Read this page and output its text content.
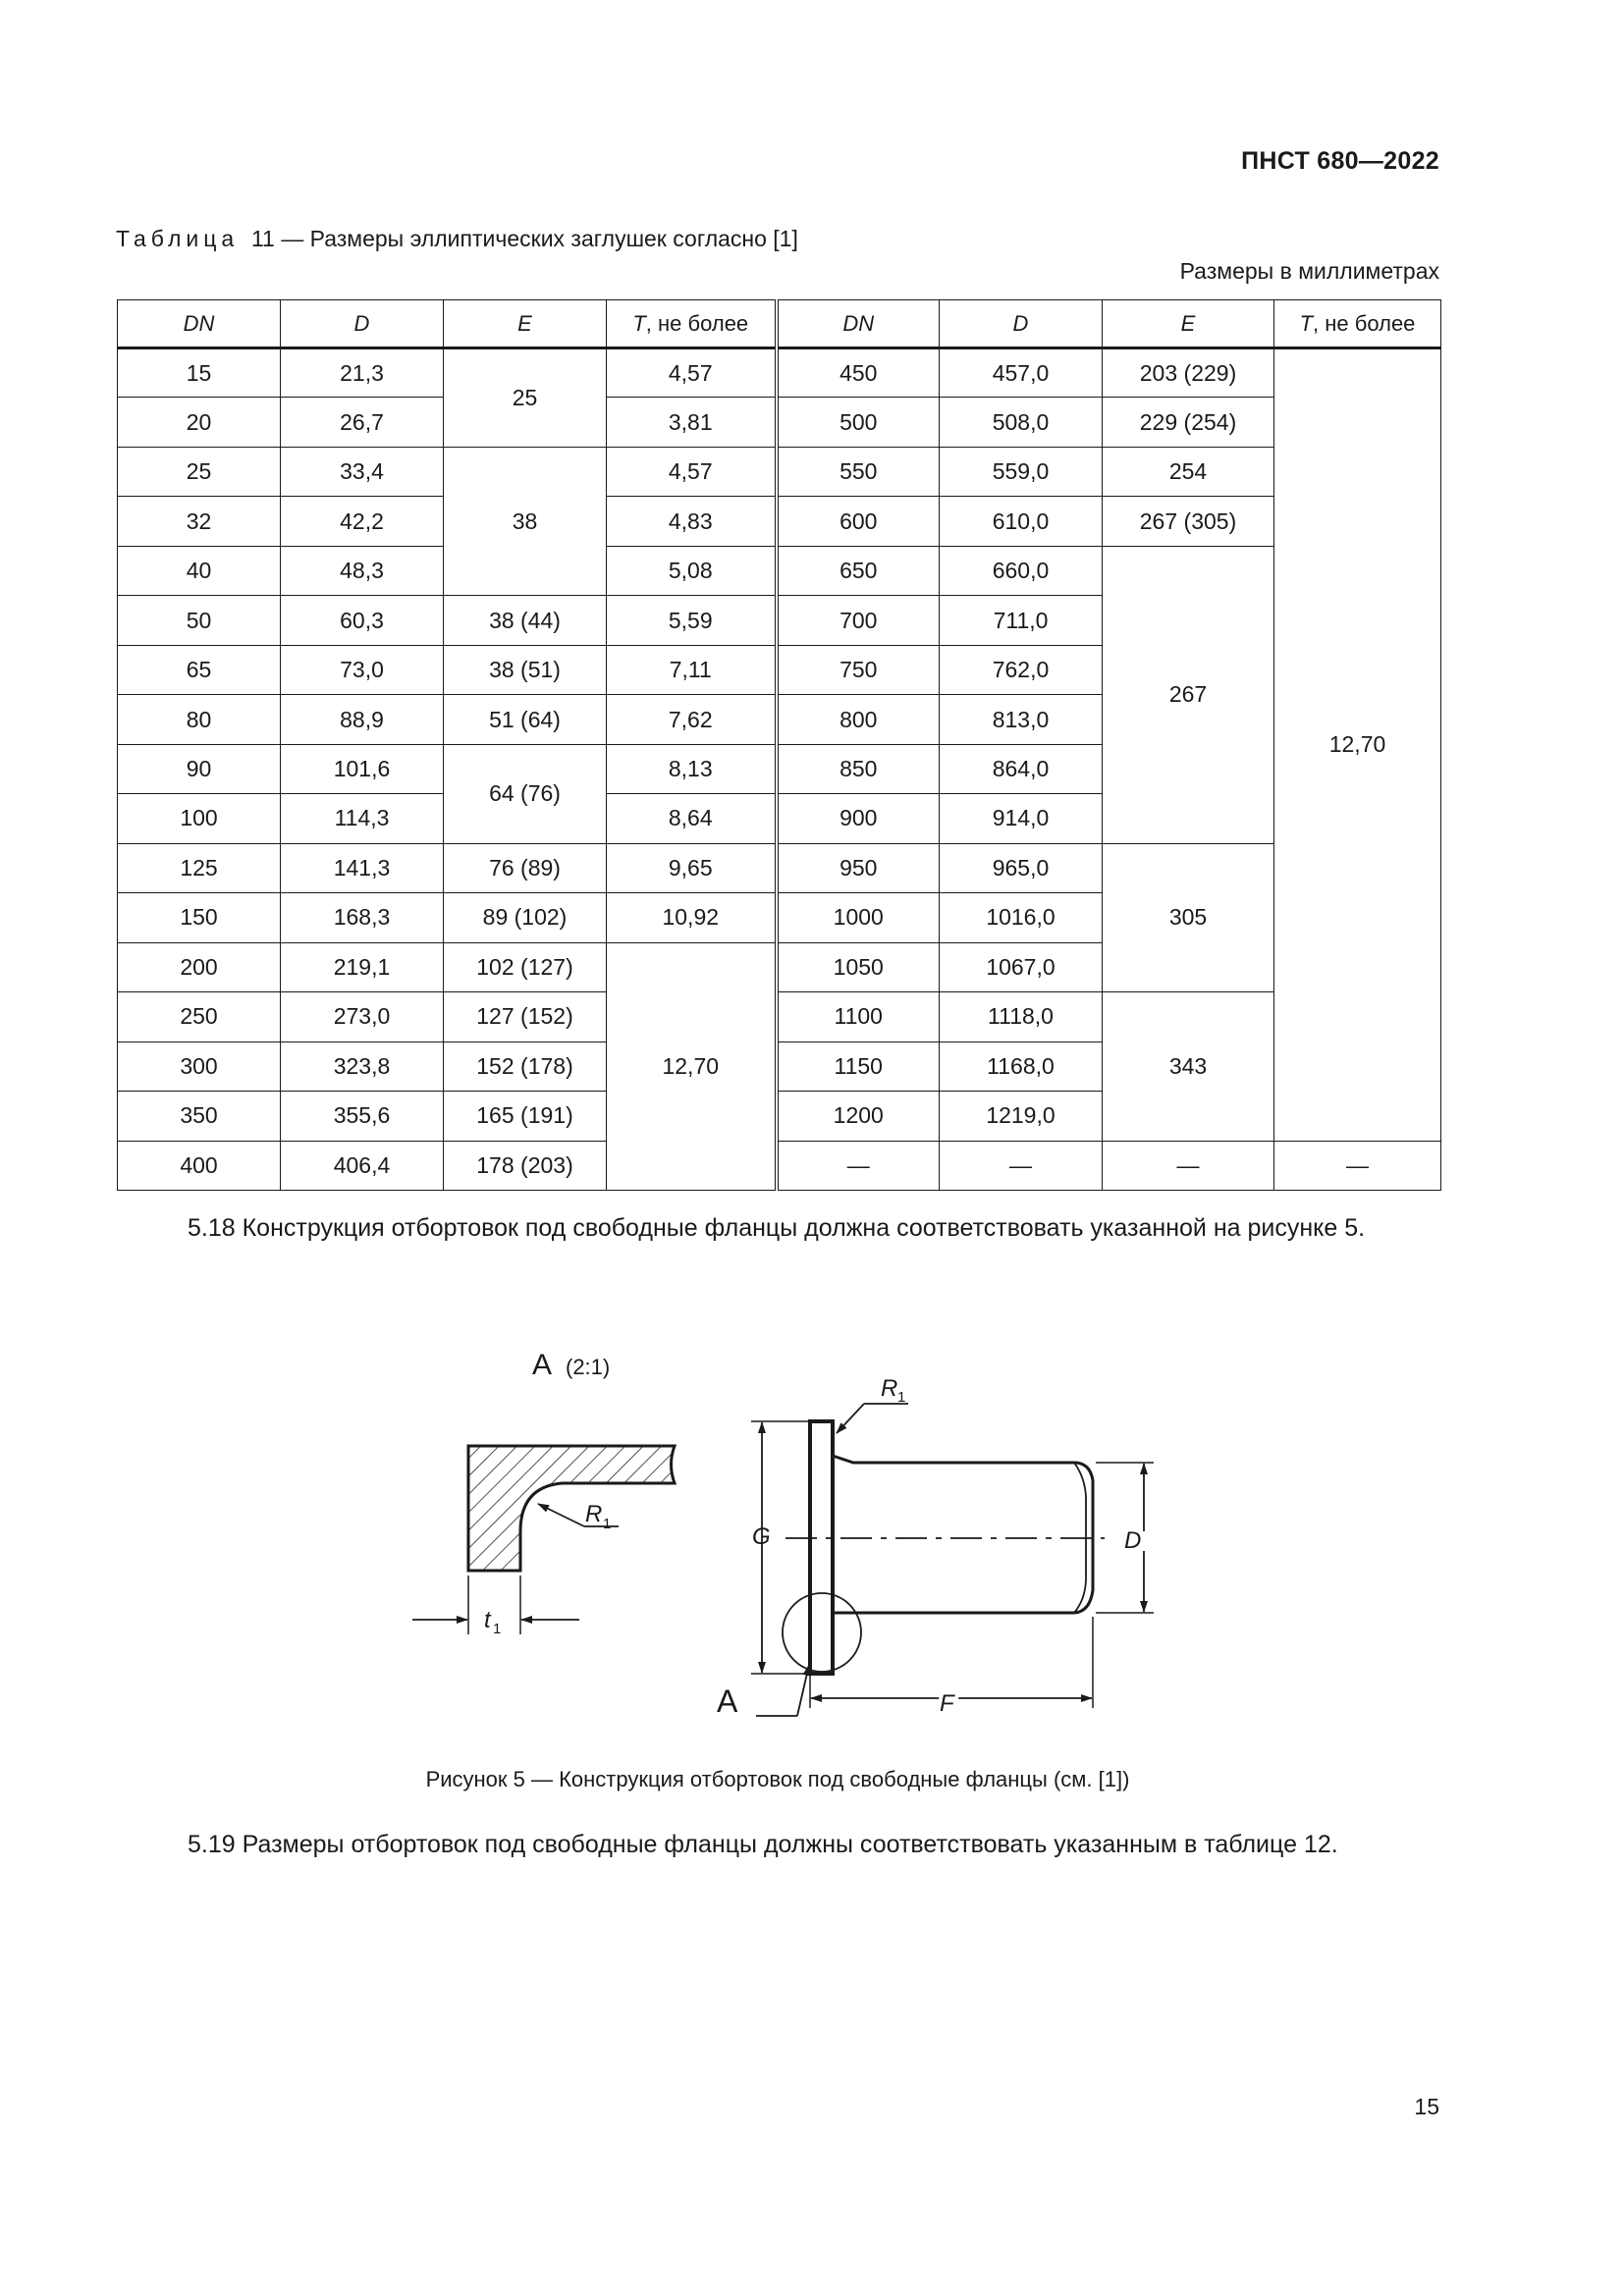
ПНСТ 680—2022
Таблица 11 — Размеры эллиптических заглушек согласно [1]
Размеры в миллиметрах
DN	D	E	T, не более	DN	D	E	T, не более
15	21,3	25	4,57	450	457,0	203 (229)	12,70
20	26,7		3,81	500	508,0	229 (254)	
25	33,4	38	4,57	550	559,0	254	
32	42,2		4,83	600	610,0	267 (305)	
40	48,3		5,08	650	660,0	267	
50	60,3	38 (44)	5,59	700	711,0		
65	73,0	38 (51)	7,11	750	762,0		
80	88,9	51 (64)	7,62	800	813,0		
90	101,6	64 (76)	8,13	850	864,0		
100	114,3		8,64	900	914,0		
125	141,3	76 (89)	9,65	950	965,0	305	
150	168,3	89 (102)	10,92	1000	1016,0		
200	219,1	102 (127)	12,70	1050	1067,0		
250	273,0	127 (152)		1100	1118,0	343	
300	323,8	152 (178)		1150	1168,0		
350	355,6	165 (191)		1200	1219,0		
400	406,4	178 (203)		—	—	—	—
5.18 Конструкция отбортовок под свободные фланцы должна соответствовать указанной на рисунке 5.
А (2:1)
R 1
t 1
R 1
G	D
F
А
Рисунок 5 — Конструкция отбортовок под свободные фланцы (см. [1])
5.19 Размеры отбортовок под свободные фланцы должны соответствовать указанным в таблице 12.
15
